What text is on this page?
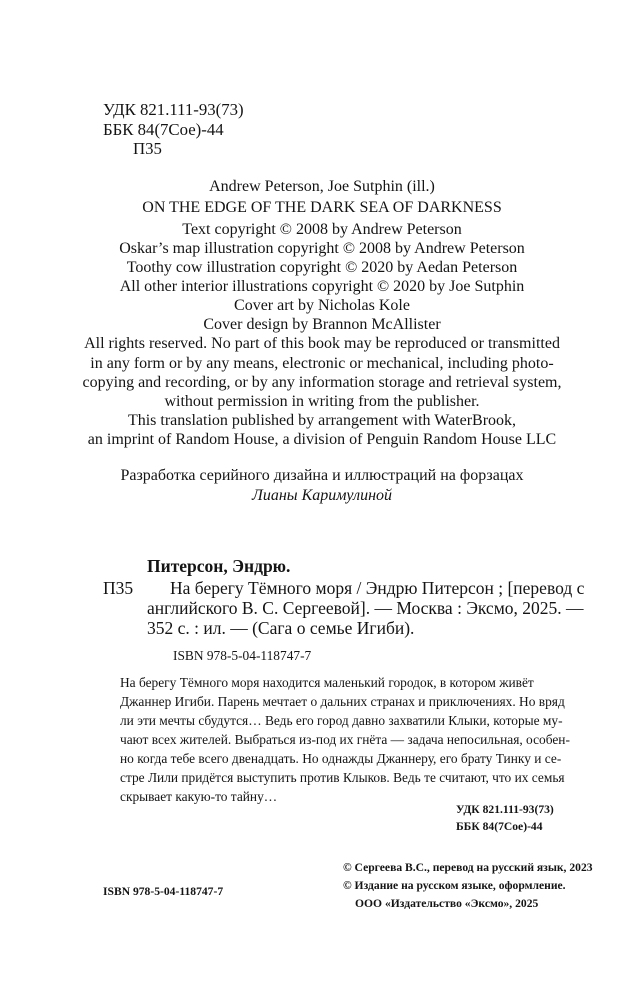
УДК 821.111-93(73)
ББК 84(7Сое)-44
П35
Andrew Peterson, Joe Sutphin (ill.)
ON THE EDGE OF THE DARK SEA OF DARKNESS
Text copyright © 2008 by Andrew Peterson
Oskar’s map illustration copyright © 2008 by Andrew Peterson
Toothy cow illustration copyright © 2020 by Aedan Peterson
All other interior illustrations copyright © 2020 by Joe Sutphin
Cover art by Nicholas Kole
Cover design by Brannon McAllister
All rights reserved. No part of this book may be reproduced or transmitted
in any form or by any means, electronic or mechanical, including photo-
copying and recording, or by any information storage and retrieval system,
without permission in writing from the publisher.
This translation published by arrangement with WaterBrook,
an imprint of Random House, a division of Penguin Random House LLC
Разработка серийного дизайна и иллюстраций на форзацах
Лианы Каримулиной
Питерсон, Эндрю.
П35 На берегу Тёмного моря / Эндрю Питерсон ; [перевод с
английского В. С. Сергеевой]. — Москва : Эксмо, 2025. —
352 с. : ил. — (Сага о семье Игиби).
ISBN 978-5-04-118747-7
На берегу Тёмного моря находится маленький городок, в котором живёт
Джаннер Игиби. Парень мечтает о дальних странах и приключениях. Но вряд
ли эти мечты сбудутся… Ведь его город давно захватили Клыки, которые му-
чают всех жителей. Выбраться из-под их гнёта — задача непосильная, особен-
но когда тебе всего двенадцать. Но однажды Джаннеру, его брату Тинку и се-
стре Лили придётся выступить против Клыков. Ведь те считают, что их семья
скрывает какую-то тайну…
УДК 821.111-93(73)
ББК 84(7Сое)-44
ISBN 978-5-04-118747-7
© Сергеева В.С., перевод на русский язык, 2023
© Издание на русском языке, оформление.
ООО «Издательство «Эксмо», 2025
